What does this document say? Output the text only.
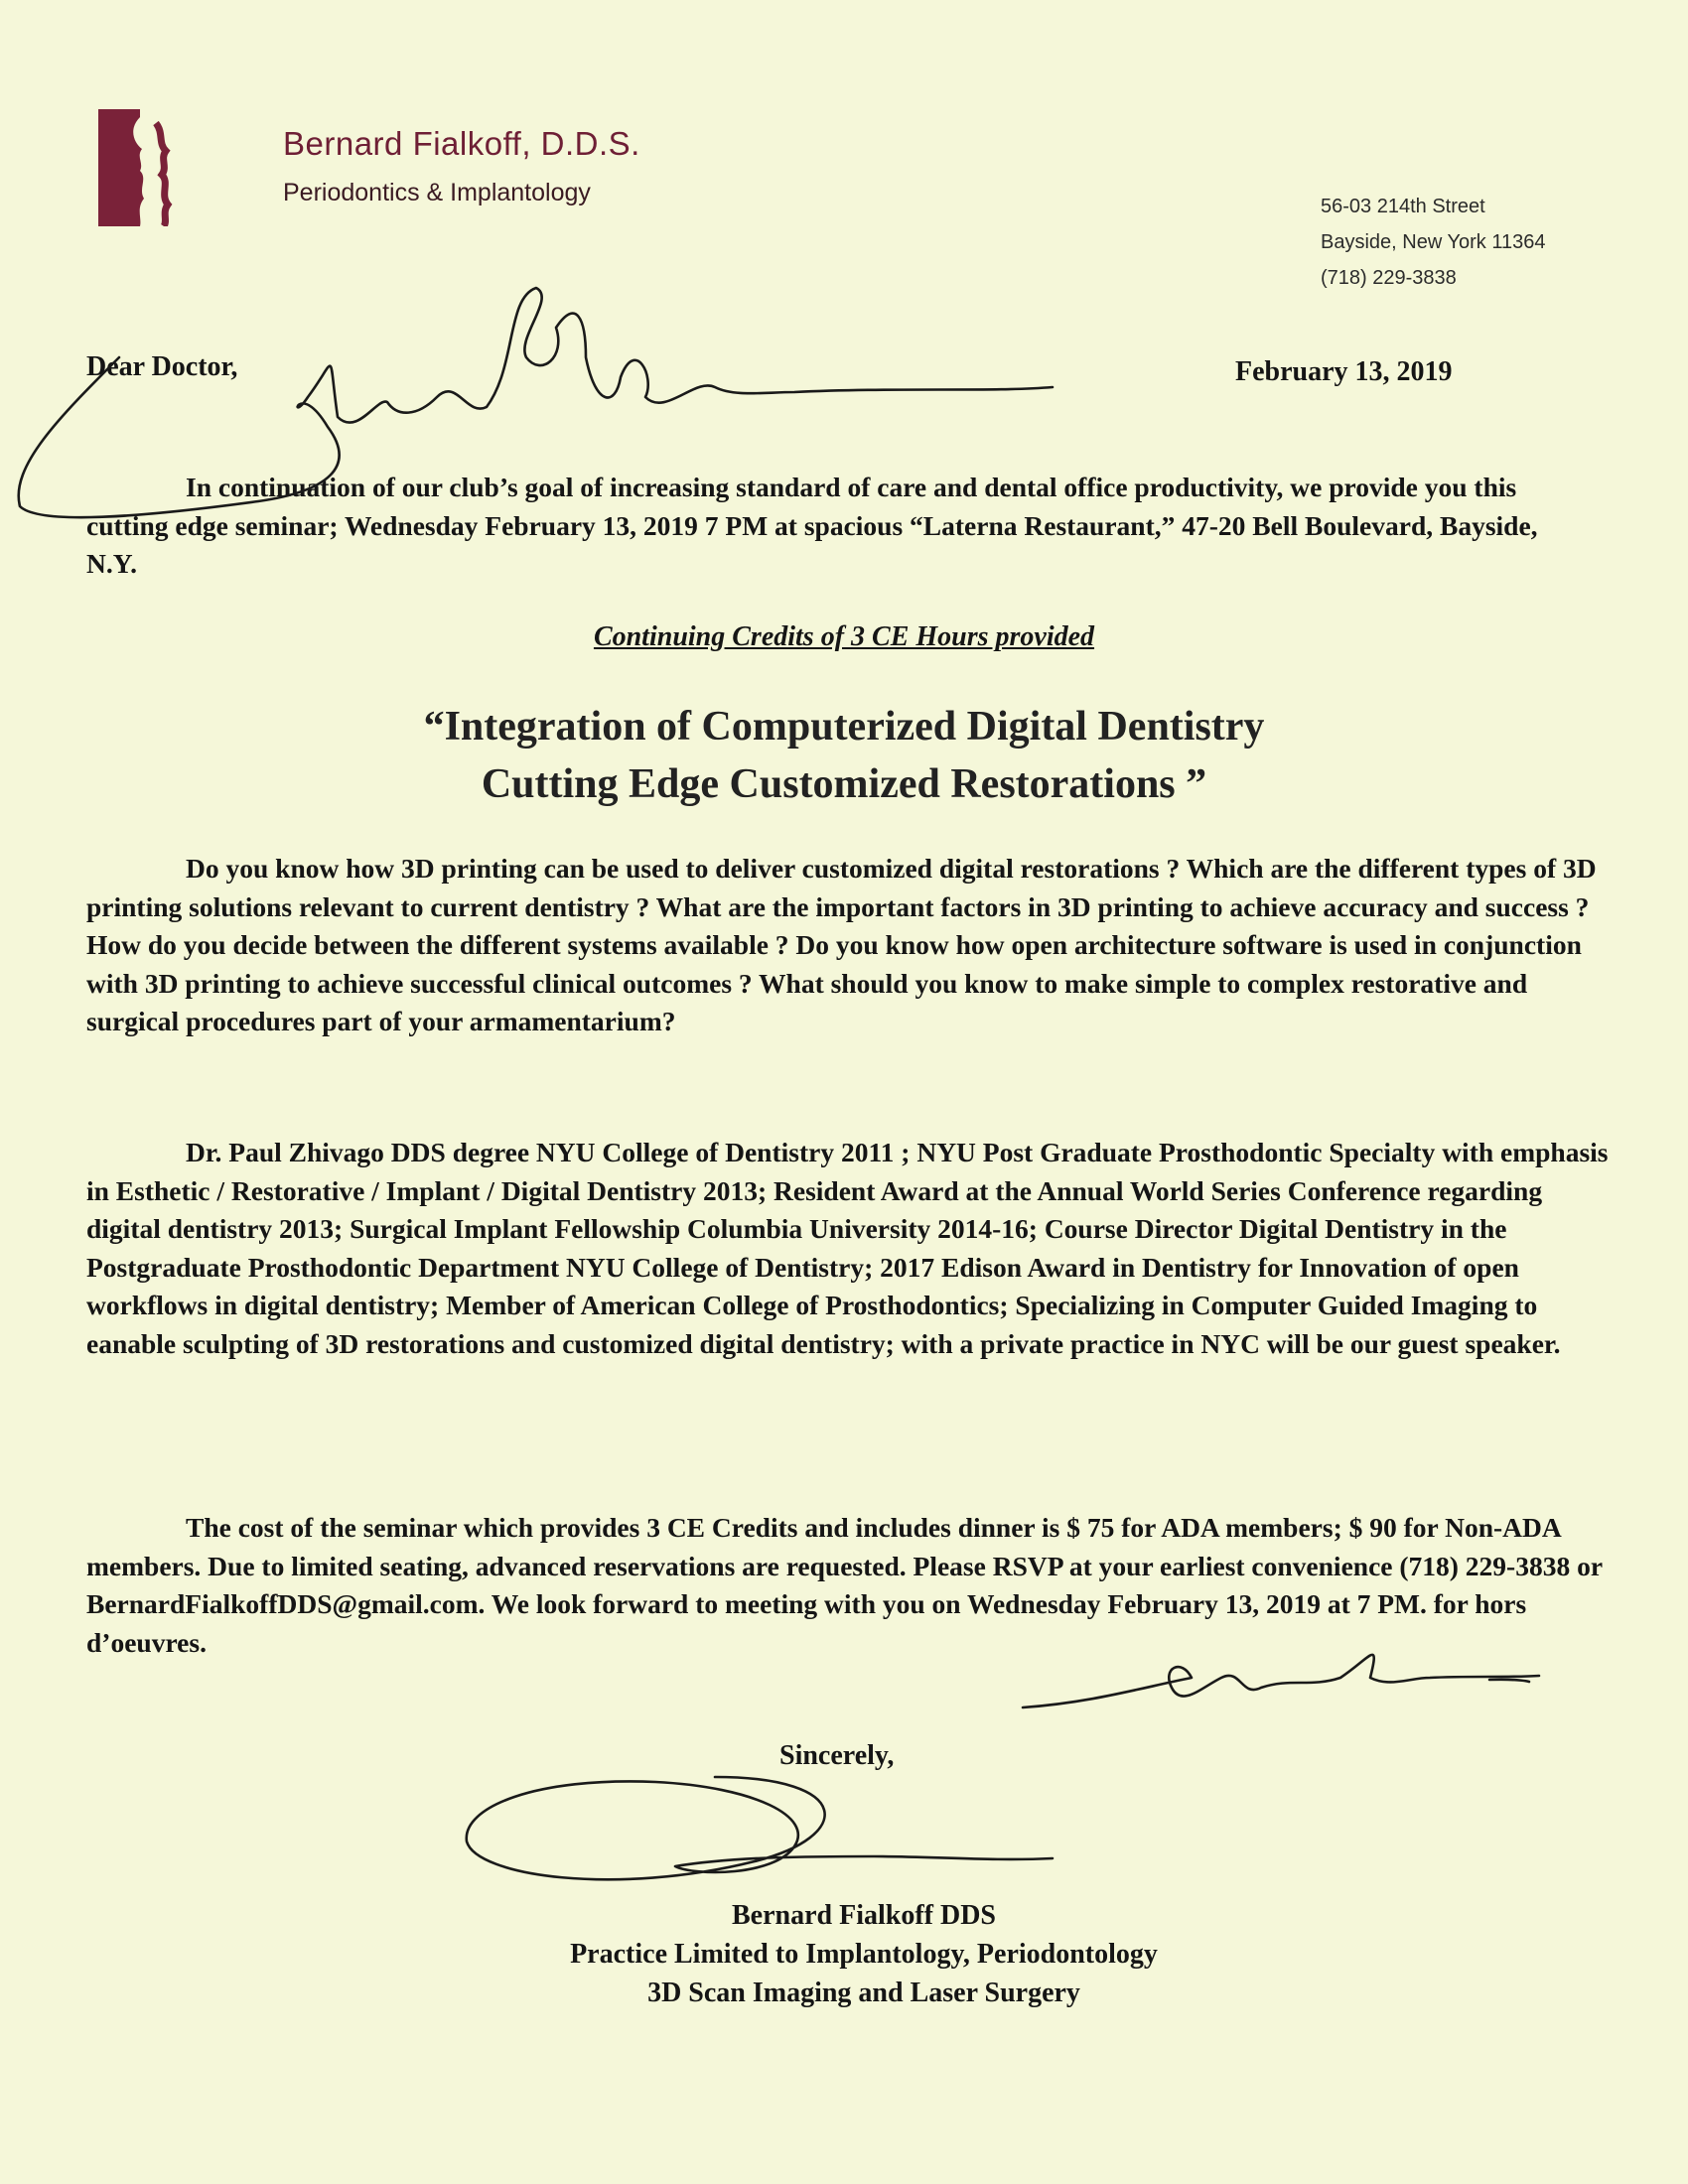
Bernard Fialkoff, D.D.S.
Periodontics & Implantology	56-03 214th Street
Bayside, New York 11364
(718) 229-3838
Dear Doctor,	February 13, 2019

In continuation of our club’s goal of increasing standard of care and dental office productivity, we provide you this cutting edge seminar; Wednesday February 13, 2019 7 PM at spacious “Laterna Restaurant,” 47-20 Bell Boulevard, Bayside, N.Y.

Continuing Credits of 3 CE Hours provided
“Integration of Computerized Digital Dentistry
Cutting Edge Customized Restorations ”

Do you know how 3D printing can be used to deliver customized digital restorations ? Which are the different types of 3D printing solutions relevant to current dentistry ? What are the important factors in 3D printing to achieve accuracy and success ? How do you decide between the different systems available ? Do you know how open architecture software is used in conjunction with 3D printing to achieve successful clinical outcomes ? What should you know to make simple to complex restorative and surgical procedures part of your armamentarium?

Dr. Paul Zhivago DDS degree NYU College of Dentistry 2011 ; NYU Post Graduate Prosthodontic Specialty with emphasis in Esthetic / Restorative / Implant / Digital Dentistry 2013; Resident Award at the Annual World Series Conference regarding digital dentistry 2013; Surgical Implant Fellowship Columbia University 2014-16; Course Director Digital Dentistry in the Postgraduate Prosthodontic Department NYU College of Dentistry; 2017 Edison Award in Dentistry for Innovation of open workflows in digital dentistry; Member of American College of Prosthodontics; Specializing in Computer Guided Imaging to eanable sculpting of 3D restorations and customized digital dentistry; with a private practice in NYC will be our guest speaker.

The cost of the seminar which provides 3 CE Credits and includes dinner is $ 75 for ADA members; $ 90 for Non-ADA members. Due to limited seating, advanced reservations are requested. Please RSVP at your earliest convenience (718) 229-3838 or BernardFialkoffDDS@gmail.com. We look forward to meeting with you on Wednesday February 13, 2019 at 7 PM. for hors d’oeuvres.

Sincerely,
Bernard Fialkoff DDS
Practice Limited to Implantology, Periodontology
3D Scan Imaging and Laser Surgery
